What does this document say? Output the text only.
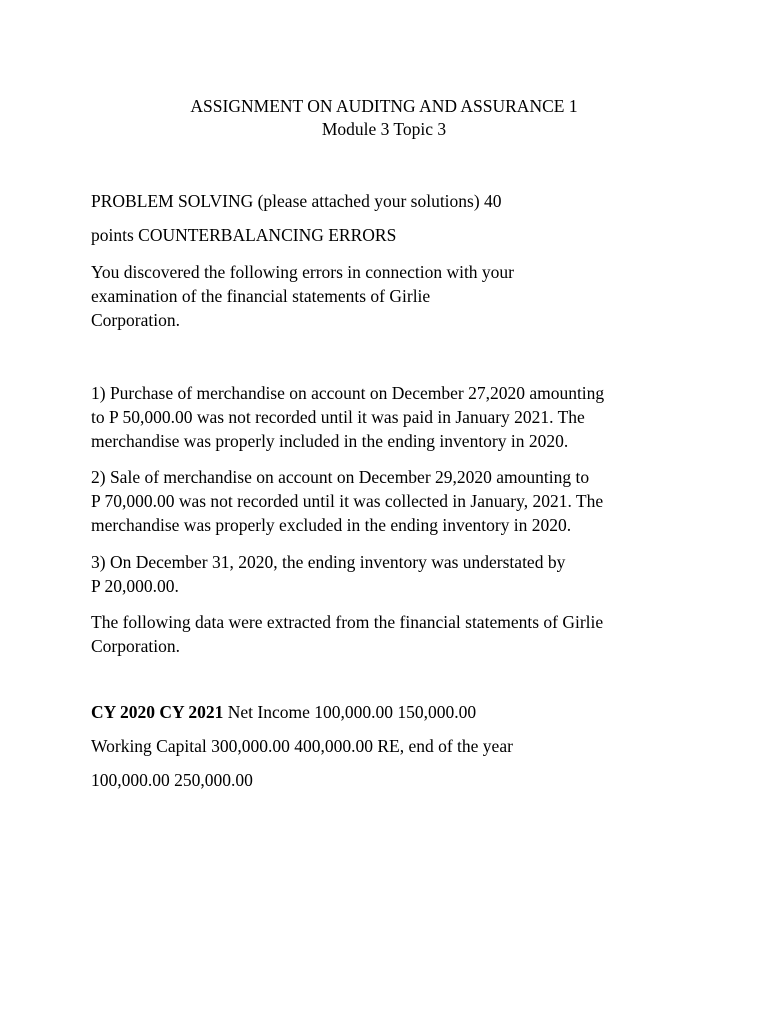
ASSIGNMENT ON AUDITNG AND ASSURANCE 1
Module 3 Topic 3
PROBLEM SOLVING (please attached your solutions) 40
points COUNTERBALANCING ERRORS
You discovered the following errors in connection with your
examination of the financial statements of Girlie
Corporation.
1) Purchase of merchandise on account on December 27,2020 amounting
to P 50,000.00 was not recorded until it was paid in January 2021. The
merchandise was properly included in the ending inventory in 2020.
2) Sale of merchandise on account on December 29,2020 amounting to
P 70,000.00 was not recorded until it was collected in January, 2021. The
merchandise was properly excluded in the ending inventory in 2020.
3) On December 31, 2020, the ending inventory was understated by
P 20,000.00.
The following data were extracted from the financial statements of Girlie
Corporation.
CY 2020 CY 2021 Net Income 100,000.00 150,000.00
Working Capital 300,000.00 400,000.00 RE, end of the year
100,000.00 250,000.00
